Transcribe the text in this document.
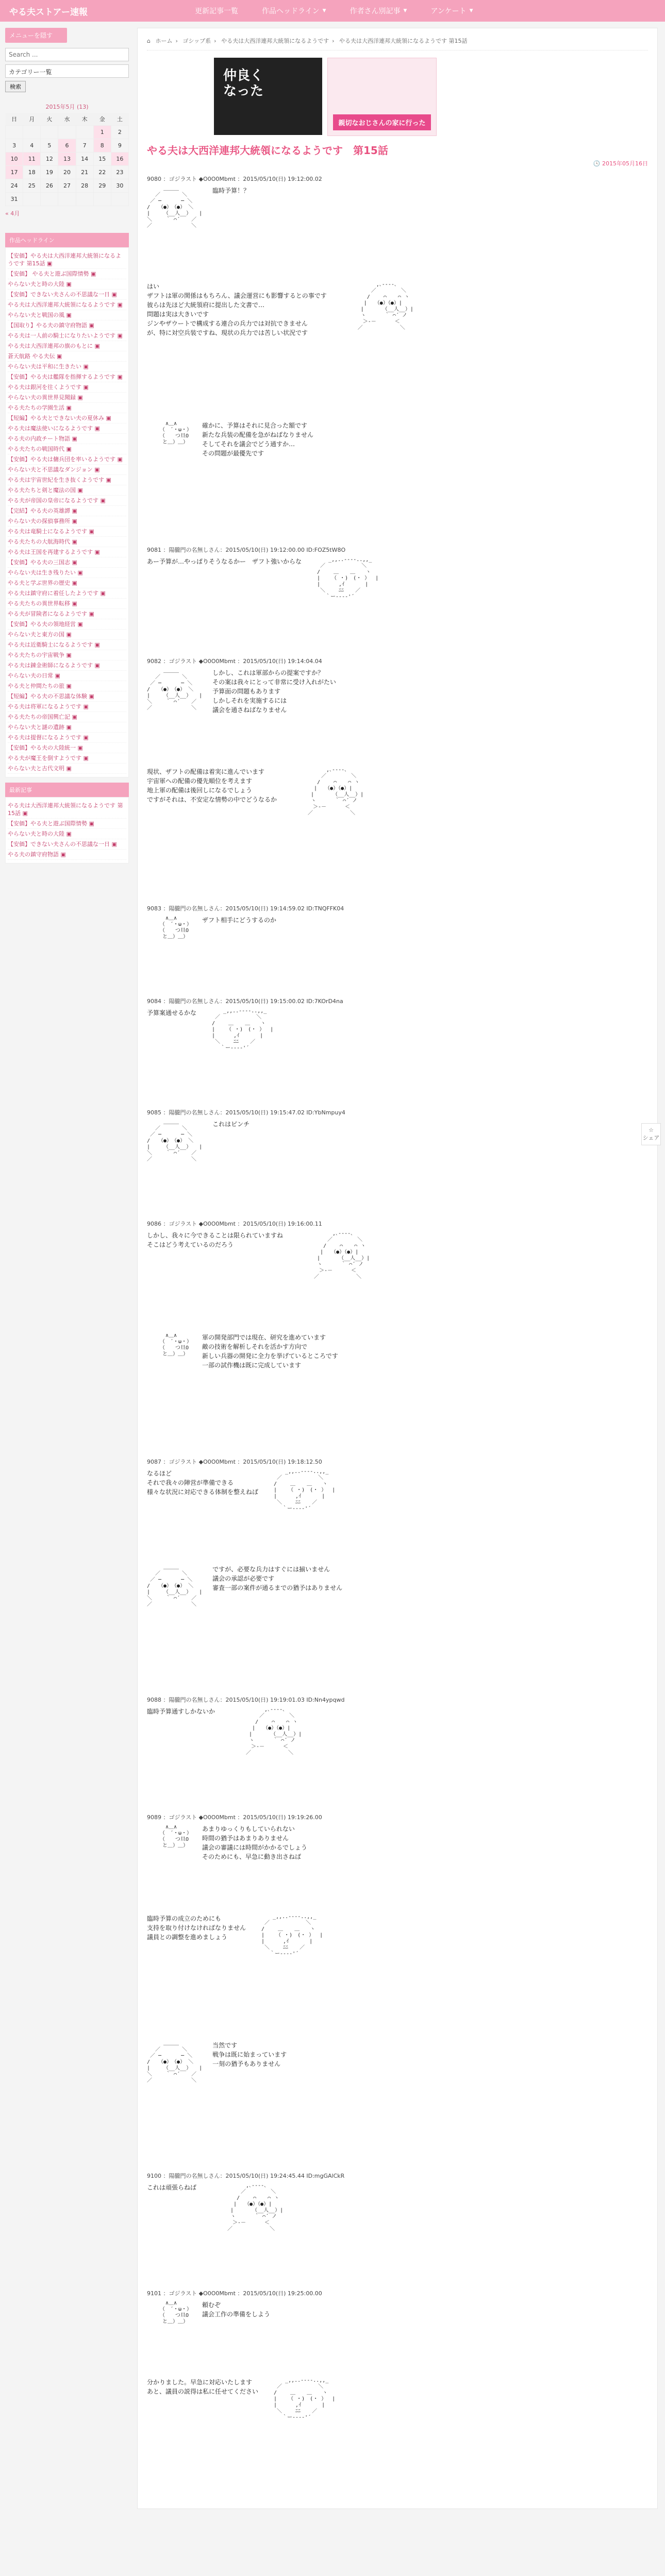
やる夫ストアー速報	更新記事一覧	作品ヘッドライン ▼	作者さん別記事 ▼	アンケート ▼
メニューを隠す
Search ...
カテゴリー一覧
検索
2015年5月 (13)
日	月	火	水	木	金	土
					1	2
3	4	5	6	7	8	9
10	11	12	13	14	15	16
17	18	19	20	21	22	23
24	25	26	27	28	29	30
31						
« 4月
作品ヘッドライン
【安価】やる夫は大西洋連邦大統領になるようです 第15話 ▣
【安価】 やる夫と遊ぶ国際情勢 ▣
やらない夫と時の大陸 ▣
【安価】できない夫さんの不思議な一日 ▣
やる夫は大西洋連邦大統領になるようです ▣
やらない夫と戦国の風 ▣
【国取り】やる夫の鎮守府物語 ▣
やる夫は一人前の騎士になりたいようです ▣
やる夫は大西洋連邦の旗のもとに ▣
蒼天航路 やる夫伝 ▣
やらない夫は平和に生きたい ▣
【安価】やる夫は艦隊を指揮するようです ▣
やる夫は銀河を往くようです ▣
やらない夫の異世界見聞録 ▣
やる夫たちの学園生活 ▣
【短編】やる夫とできない夫の夏休み ▣
やる夫は魔法使いになるようです ▣
やる夫の内政チート物語 ▣
やる夫たちの戦国時代 ▣
【安価】やる夫は傭兵団を率いるようです ▣
やらない夫と不思議なダンジョン ▣
やる夫は宇宙世紀を生き抜くようです ▣
やる夫たちと剣と魔法の国 ▣
やる夫が帝国の皇帝になるようです ▣
【完結】やる夫の英雄譚 ▣
やらない夫の探偵事務所 ▣
やる夫は竜騎士になるようです ▣
やる夫たちの大航海時代 ▣
やる夫は王国を再建するようです ▣
【安価】やる夫の三国志 ▣
やらない夫は生き残りたい ▣
やる夫と学ぶ世界の歴史 ▣
やる夫は鎮守府に着任したようです ▣
やる夫たちの異世界転移 ▣
やる夫が冒険者になるようです ▣
【安価】やる夫の領地経営 ▣
やらない夫と東方の国 ▣
やる夫は近衛騎士になるようです ▣
やる夫たちの宇宙戦争 ▣
やる夫は錬金術師になるようです ▣
やらない夫の日常 ▣
やる夫と仲間たちの旅 ▣
【短編】やる夫の不思議な体験 ▣
やる夫は将軍になるようです ▣
やる夫たちの帝国興亡記 ▣
やらない夫と謎の遺跡 ▣
やる夫は提督になるようです ▣
【安価】やる夫の大陸統一 ▣
やる夫が魔王を倒すようです ▣
やらない夫と古代文明 ▣
最新記事
やる夫は大西洋連邦大統領になるようです 第15話 ▣
【安価】やる夫と遊ぶ国際情勢 ▣
やらない夫と時の大陸 ▣
【安価】できない夫さんの不思議な一日 ▣
やる夫の鎮守府物語 ▣
⌂ ホーム › ゴシップ系 › やる夫は大西洋連邦大統領になるようです › やる夫は大西洋連邦大統領になるようです 第15話
仲良くなった
親切なおじさんの家に行った
やる夫は大西洋連邦大統領になるようです　第15話
🕓 2015年05月16日
9080 ：ゴジラスト ◆O0O0Mbmt ：2015/05/10(日) 19:12:00.02
　　 ＿＿＿
　 ／　　 　 ＼
／ ─ 　 　 ─ ＼
/　 （●）　（●） ＼
|　　 （__人__）　　|
＼　　 ｀ ⌒´ 　 ／
／　　　　　　　 ＼
臨時予算！？
はい
ザフトは軍の関係はもちろん、議会運営にも影響するとの事です
彼らは先ほど大統領府に提出した文書で…
問題は実は大きいです
ジンやザウートで構成する連合の兵力では対抗できません
が、特に対空兵装ですね、現状の兵力では苦しい状況です
　　　　　　　 ,､-‐‐‐､
　　　　　　 ／　 　 　 ＼
　　 　 　 /　　 ⌒ 　 ⌒ ヽ
　　　 　 |　　（●）（●）|
　　　　 |　　　 （__人__）|
　　　　 ヽ　　 　｀ ⌒´ ノ
　　　　　＞‐－　　　 ＜
　　　　／ 　　　　　　 ＼
　　　 ∧＿∧
　　　（　´・ω・）
　　　（　　つ旦O
　　　と＿）＿）
確かに、予算はそれに見合った額です
新たな兵装の配備を急がねばなりません
そしてそれを議会でどう通すか…
その問題が最優先です
9081 ：陽朧門の名無しさん：2015/05/10(日) 19:12:00.00 ID:FOZ5tW8O
あー予算が…やっぱりそうなるかー　ザフト強いからな	　 　 _,,..-‐‐-..,,_
　 ／ 　 　 　 　 ＼
　/　　 ＿ 　 ＿　　ヽ
　| 　 （ ・)　(・ ）　 |
　|　　　 ,ｲ　　　　|
　 ＼　　 ﾆﾆ 　 ／
　　 ｀ー‐‐‐‐'´
9082 ：ゴジラスト ◆O0O0Mbmt ：2015/05/10(日) 19:14:04.04
　　 ＿＿＿
　 ／　　 　 ＼
／ ─ 　 　 ─ ＼
/　 （●）　（●） ＼
|　　 （__人__）　　|
＼　　 ｀ ⌒´ 　 ／
／　　　　　　　 ＼
しかし、これは軍部からの提案ですか？
その案は我々にとって非常に受け入れがたい
予算面の問題もあります
しかしそれを実施するには
議会を通さねばなりません
現状、ザフトの配備は着実に進んでいます
宇宙軍への配備の優先順位を考えます
地上軍の配備は後回しになるでしょう
ですがそれは、不安定な情勢の中でどうなるか
　　　　　　　 ,､-‐‐‐､
　　　　　　 ／　 　 　 ＼
　　 　 　 /　　 ⌒ 　 ⌒ ヽ
　　　 　 |　　（●）（●）|
　　　　 |　　　 （__人__）|
　　　　 ヽ　　 　｀ ⌒´ ノ
　　　　　＞‐－　　　 ＜
　　　　／ 　　　　　　 ＼
9083 ：陽朧門の名無しさん：2015/05/10(日) 19:14:59.02 ID:TNQFFK04
　　　 ∧＿∧
　　　（　´・ω・）
　　　（　　つ旦O
　　　と＿）＿）
ザフト相手にどうするのか
9084 ：陽朧門の名無しさん：2015/05/10(日) 19:15:00.02 ID:7KOrD4na
予算案通せるかな	　 　 _,,..-‐‐-..,,_
　 ／ 　 　 　 　 ＼
　/　　 ＿ 　 ＿　　ヽ
　| 　 （ ・)　(・ ）　 |
　|　　　 ,ｲ　　　　|
　 ＼　　 ﾆﾆ 　 ／
　　 ｀ー‐‐‐‐'´
9085 ：陽朧門の名無しさん：2015/05/10(日) 19:15:47.02 ID:YbNmpuy4
　　 ＿＿＿
　 ／　　 　 ＼
／ ─ 　 　 ─ ＼
/　 （●）　（●） ＼
|　　 （__人__）　　|
＼　　 ｀ ⌒´ 　 ／
／　　　　　　　 ＼
これはピンチ
9086 ：ゴジラスト ◆O0O0Mbmt ：2015/05/10(日) 19:16:00.11
しかし、我々に今できることは限られていますね
そこはどう考えているのだろう
　　　　　　　 ,､-‐‐‐､
　　　　　　 ／　 　 　 ＼
　　 　 　 /　　 ⌒ 　 ⌒ ヽ
　　　 　 |　　（●）（●）|
　　　　 |　　　 （__人__）|
　　　　 ヽ　　 　｀ ⌒´ ノ
　　　　　＞‐－　　　 ＜
　　　　／ 　　　　　　 ＼
　　　 ∧＿∧
　　　（　´・ω・）
　　　（　　つ旦O
　　　と＿）＿）
軍の開発部門では現在、研究を進めています
敵の技術を解析しそれを活かす方向で
新しい兵器の開発に全力を挙げているところです
一部の試作機は既に完成しています
9087 ：ゴジラスト ◆O0O0Mbmt ：2015/05/10(日) 19:18:12.50
なるほど
それで我々の陣営が準備できる
様々な状況に対応できる体制を整えねば
　 　 _,,..-‐‐-..,,_
　 ／ 　 　 　 　 ＼
　/　　 ＿ 　 ＿　　ヽ
　| 　 （ ・)　(・ ）　 |
　|　　　 ,ｲ　　　　|
　 ＼　　 ﾆﾆ 　 ／
　　 ｀ー‐‐‐‐'´
　　 ＿＿＿
　 ／　　 　 ＼
／ ─ 　 　 ─ ＼
/　 （●）　（●） ＼
|　　 （__人__）　　|
＼　　 ｀ ⌒´ 　 ／
／　　　　　　　 ＼
ですが、必要な兵力はすぐには揃いません
議会の承認が必要です
審査一部の案件が通るまでの猶予はありません
9088 ：陽朧門の名無しさん：2015/05/10(日) 19:19:01.03 ID:Nn4ypqwd
臨時予算通すしかないか	　　　　　　　 ,､-‐‐‐､
　　　　　　 ／　 　 　 ＼
　　 　 　 /　　 ⌒ 　 ⌒ ヽ
　　　 　 |　　（●）（●）|
　　　　 |　　　 （__人__）|
　　　　 ヽ　　 　｀ ⌒´ ノ
　　　　　＞‐－　　　 ＜
　　　　／ 　　　　　　 ＼
9089 ：ゴジラスト ◆O0O0Mbmt ：2015/05/10(日) 19:19:26.00
　　　 ∧＿∧
　　　（　´・ω・）
　　　（　　つ旦O
　　　と＿）＿）
あまりゆっくりもしていられない
時間の猶予はあまりありません
議会の審議には時間がかかるでしょう
そのためにも、早急に動き出さねば
臨時予算の成立のためにも
支持を取り付けなければなりません
議員との調整を進めましょう
　 　 _,,..-‐‐-..,,_
　 ／ 　 　 　 　 ＼
　/　　 ＿ 　 ＿　　ヽ
　| 　 （ ・)　(・ ）　 |
　|　　　 ,ｲ　　　　|
　 ＼　　 ﾆﾆ 　 ／
　　 ｀ー‐‐‐‐'´
　　 ＿＿＿
　 ／　　 　 ＼
／ ─ 　 　 ─ ＼
/　 （●）　（●） ＼
|　　 （__人__）　　|
＼　　 ｀ ⌒´ 　 ／
／　　　　　　　 ＼
当然です
戦争は既に始まっています
一刻の猶予もありません
9100 ：陽朧門の名無しさん：2015/05/10(日) 19:24:45.44 ID:mgGAlCkR
これは頑張らねば	　　　　　　　 ,､-‐‐‐､
　　　　　　 ／　 　 　 ＼
　　 　 　 /　　 ⌒ 　 ⌒ ヽ
　　　 　 |　　（●）（●）|
　　　　 |　　　 （__人__）|
　　　　 ヽ　　 　｀ ⌒´ ノ
　　　　　＞‐－　　　 ＜
　　　　／ 　　　　　　 ＼
9101 ：ゴジラスト ◆O0O0Mbmt ：2015/05/10(日) 19:25:00.00
　　　 ∧＿∧
　　　（　´・ω・）
　　　（　　つ旦O
　　　と＿）＿）
頼むぞ
議会工作の準備をしよう
分かりました。早急に対応いたします
あと、議員の説得は私に任せてください
　 　 _,,..-‐‐-..,,_
　 ／ 　 　 　 　 ＼
　/　　 ＿ 　 ＿　　ヽ
　| 　 （ ・)　(・ ）　 |
　|　　　 ,ｲ　　　　|
　 ＼　　 ﾆﾆ 　 ／
　　 ｀ー‐‐‐‐'´
☆
シェア
